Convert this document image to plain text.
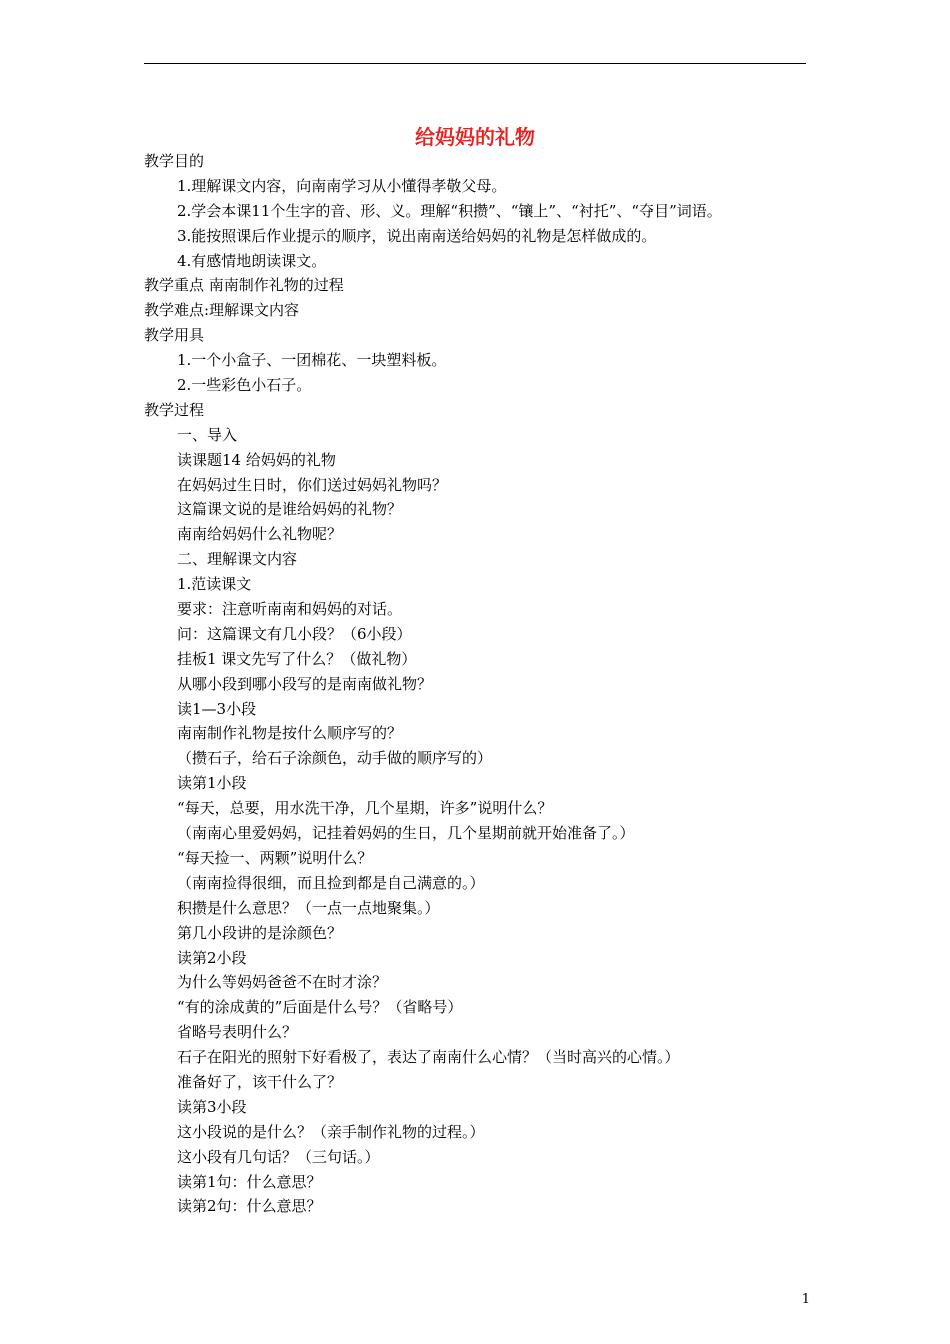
给妈妈的礼物
教学目的
1.理解课文内容，向南南学习从小懂得孝敬父母。
2.学会本课11个生字的音、形、义。理解“积攒”、“镶上”、“衬托”、“夺目”词语。
3.能按照课后作业提示的顺序，说出南南送给妈妈的礼物是怎样做成的。
4.有感情地朗读课文。
教学重点 南南制作礼物的过程
教学难点:理解课文内容
教学用具
1.一个小盒子、一团棉花、一块塑料板。
2.一些彩色小石子。
教学过程
一、导入
读课题14 给妈妈的礼物
在妈妈过生日时，你们送过妈妈礼物吗？
这篇课文说的是谁给妈妈的礼物？
南南给妈妈什么礼物呢？
二、理解课文内容
1.范读课文
要求：注意听南南和妈妈的对话。
问：这篇课文有几小段？（6小段）
挂板1 课文先写了什么？（做礼物）
从哪小段到哪小段写的是南南做礼物？
读1—3小段
南南制作礼物是按什么顺序写的？
（攒石子，给石子涂颜色，动手做的顺序写的）
读第1小段
“每天，总要，用水洗干净，几个星期，许多”说明什么？
（南南心里爱妈妈，记挂着妈妈的生日，几个星期前就开始准备了。）
“每天捡一、两颗”说明什么？
（南南捡得很细，而且捡到都是自己满意的。）
积攒是什么意思？（一点一点地聚集。）
第几小段讲的是涂颜色？
读第2小段
为什么等妈妈爸爸不在时才涂？
“有的涂成黄的”后面是什么号？（省略号）
省略号表明什么？
石子在阳光的照射下好看极了，表达了南南什么心情？（当时高兴的心情。）
准备好了，该干什么了？
读第3小段
这小段说的是什么？（亲手制作礼物的过程。）
这小段有几句话？（三句话。）
读第1句：什么意思？
读第2句：什么意思？
1
